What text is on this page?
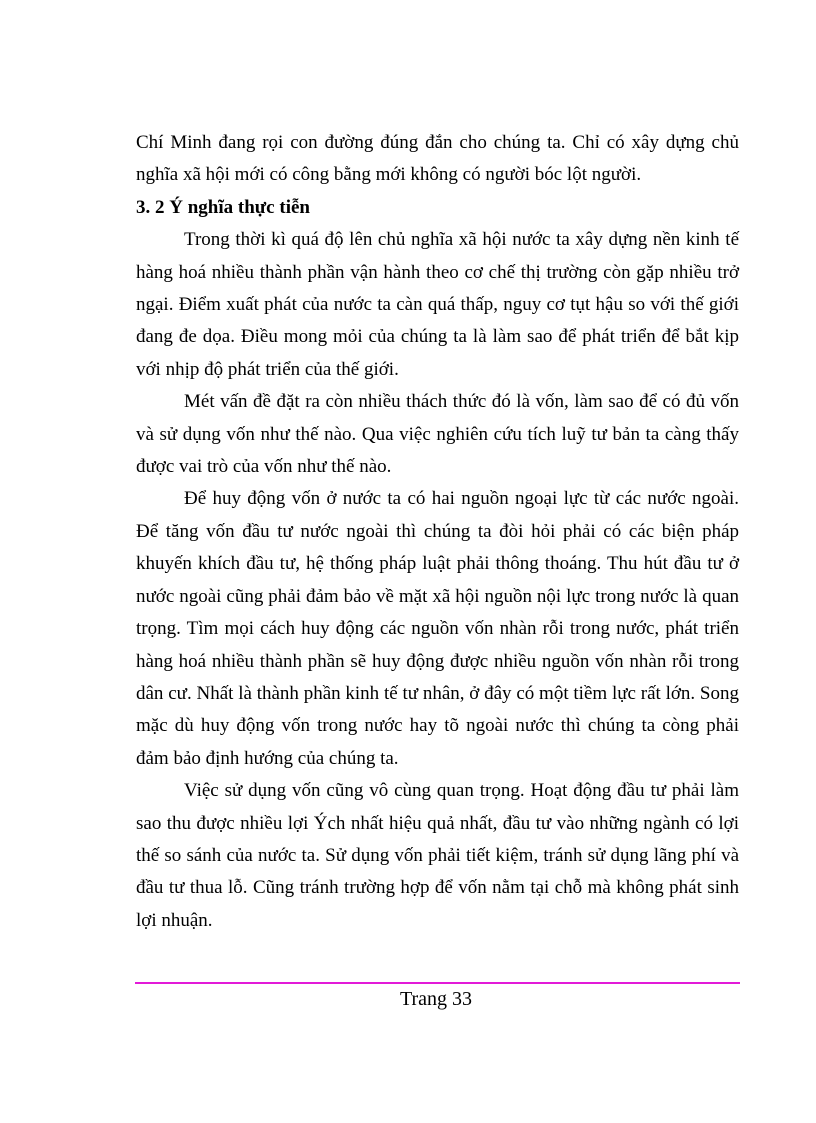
Chí Minh đang rọi con đường đúng đắn cho chúng ta. Chỉ có xây dựng chủ nghĩa xã hội mới có công bằng mới không có người bóc lột người.

3. 2 Ý nghĩa thực tiễn

Trong thời kì quá độ lên chủ nghĩa xã hội nước ta xây dựng nền kinh tế hàng hoá nhiều thành phần vận hành theo cơ chế thị trường còn gặp nhiều trở ngại. Điểm xuất phát của nước ta càn quá thấp, nguy cơ tụt hậu so với thế giới đang đe dọa. Điều mong mỏi của chúng ta là làm sao để phát triển để bắt kịp với nhịp độ phát triển của thế giới.

Mét vấn đề đặt ra còn nhiều thách thức đó là vốn, làm sao để có đủ vốn và sử dụng vốn như thế nào. Qua việc nghiên cứu tích luỹ tư bản ta càng thấy được vai trò của vốn như thế nào.

Để huy động vốn ở nước ta có hai nguồn ngoại lực từ các nước ngoài. Để tăng vốn đầu tư nước ngoài thì chúng ta đòi hỏi phải có các biện pháp khuyến khích đầu tư, hệ thống pháp luật phải thông thoáng. Thu hút đầu tư ở nước ngoài cũng phải đảm bảo về mặt xã hội nguồn nội lực trong nước là quan trọng. Tìm mọi cách huy động các nguồn vốn nhàn rỗi trong nước, phát triển hàng hoá nhiều thành phần sẽ huy động được nhiều nguồn vốn nhàn rỗi trong dân cư. Nhất là thành phần kinh tế tư nhân, ở đây có một tiềm lực rất lớn. Song mặc dù huy động vốn trong nước hay tõ ngoài nước thì chúng ta còng phải đảm bảo định hướng của chúng ta.

Việc sử dụng vốn cũng vô cùng quan trọng. Hoạt động đầu tư phải làm sao thu được nhiều lợi Ých nhất hiệu quả nhất, đầu tư vào những ngành có lợi thế so sánh của nước ta. Sử dụng vốn phải tiết kiệm, tránh sử dụng lãng phí và đầu tư thua lỗ. Cũng tránh trường hợp để vốn nằm tại chỗ mà không phát sinh lợi nhuận.

Trang 33
